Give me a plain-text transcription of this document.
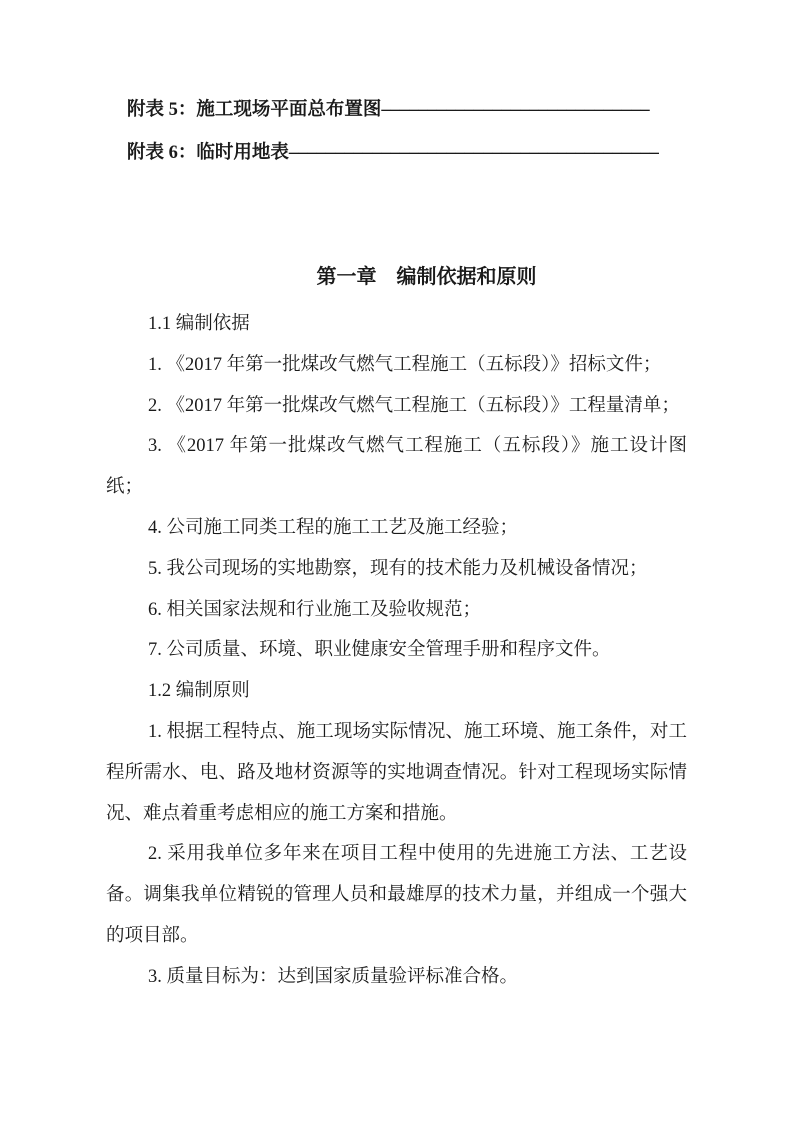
附表 5：施工现场平面总布置图–––––––––––––––––––––––––––––
附表 6：临时用地表––––––––––––––––––––––––––––––––––––––––
第一章　编制依据和原则
1.1 编制依据
1. 《2017 年第一批煤改气燃气工程施工（五标段）》招标文件；
2. 《2017 年第一批煤改气燃气工程施工（五标段）》工程量清单；
3. 《2017 年第一批煤改气燃气工程施工（五标段）》施工设计图
纸；
4. 公司施工同类工程的施工工艺及施工经验；
5. 我公司现场的实地勘察，现有的技术能力及机械设备情况；
6. 相关国家法规和行业施工及验收规范；
7. 公司质量、环境、职业健康安全管理手册和程序文件。
1.2 编制原则
1. 根据工程特点、施工现场实际情况、施工环境、施工条件，对工
程所需水、电、路及地材资源等的实地调查情况。针对工程现场实际情
况、难点着重考虑相应的施工方案和措施。
2. 采用我单位多年来在项目工程中使用的先进施工方法、工艺设
备。调集我单位精锐的管理人员和最雄厚的技术力量，并组成一个强大
的项目部。
3. 质量目标为：达到国家质量验评标准合格。
